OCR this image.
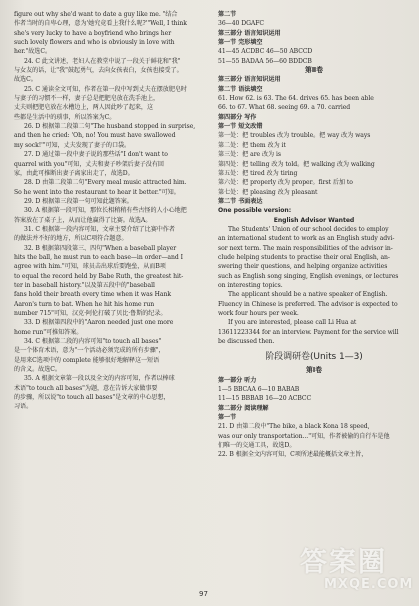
figure out why she'd want to date a guy like me. "结合
作者当时的自卑心理，意为'她究竟看上我什么呢?'"Well, I think
she's very lucky to have a boyfriend who brings her
such lovely flowers and who is obviously in love with
her."故选C。
24. C 此文讲述，老妇人在教堂中说了一段关于鲜花和"我"
与女友的话，让"我"鼓起勇气，去向女孩表白，女孩也接受了。
故选C。
25. C 通读全文可知，作者在第一段中写到丈夫在摆放肥皂时
与妻子的习惯不一样，妻子总是把肥皂放在洗手池上，
丈夫则把肥皂放在水槽边上，两人因此吵了起来，这
些都是生活中的琐事，所以答案为C。
26. D 根据第二段第二句"The husband stopped in surprise,
and then he cried: 'Oh, no! You must have swallowed
my sock!'"可知，丈夫发现了妻子的口袋。
27. D 通过第一段中妻子说的那些话"I don't want to
quarrel with you"可知，丈夫和妻子吵架后妻子没有回
家，由此可推断出妻子离家出走了，故选D。
28. D 由第二段第二句"Every meal music attracted him.
So he went into the restaurant to hear it better."可知。
29. D 根据第三段第一句可知此题答案。
30. A 根据第一段可知，那位长相稍稍有些古怪的人小心地把
答案放在了桌子上，从而让他赢得了比赛。故选A。
31. C 根据第一段内容可知，文章主要介绍了比赛中作者
的做法并不好的地方，所以C项符合题意。
32. B 根据第四段第三、四句"When a baseball player
hits the ball, he must run to each base—in order—and I
agree with him."可知，球员击出球后要跑垒，从而B项
to equal the record held by Babe Ruth, the greatest hit-
ter in baseball history."以及第五段中的"baseball
fans hold their breath every time when it was Hank
Aaron's turn to bat. When he hit his home run
number 715"可知，汉克·阿伦打破了贝比·鲁斯的纪录。
33. D 根据第四段中的"Aaron needed just one more
home run"可推知答案。
34. C 根据第二段的内容可知"to touch all bases"
是一个体育术语，意为"一个活动必须完成的所有步骤"，
是用来C选项中的 complete 能够很好地解释这一短语
的含义。故选C。
35. A 根据文章第一段以及全文的内容可知，作者以棒球
术语"to touch all bases"为题，意在告诉大家做事要
的步骤，所以说"to touch all bases"是文章的中心思想，
习语。
第二节
36—40 DGAFC
第三部分 语言知识运用
第一节 完形填空
41—45 ACDBC 46—50 ABCCD
51—55 BADAA 56—60 BDDCB
第Ⅱ卷
第三部分 语言知识运用
第二节 语法填空
61. How 62. is 63. The 64. drives 65. has been able
66. to 67. What 68. seeing 69. a 70. carried
第四部分 写作
第一节 短文改错
第一处：把 troubles 改为 trouble。把 way 改为 ways
第二处：把 them 改为 it
第三处：把 are 改为 is
第四处：把 telling 改为 told。把 walking 改为 walking
第五处：把 tired 改为 tiring
第六处：把 properly 改为 proper。first 后加 to
第七处：把 pleasing 改为 pleasant
第二节 书面表达
One possible version:
English Advisor Wanted
The Students' Union of our school decides to employ
an international student to work as an English study advi-
sor next term. The main responsibilities of the advisor in-
clude helping students to practise their oral English, an-
swering their questions, and helping organize activities
such as English song singing, English evenings, or lectures
on interesting topics.
The applicant should be a native speaker of English.
Fluency in Chinese is preferred. The advisor is expected to
work four hours per week.
If you are interested, please call Li Hua at
13611223344 for an interview. Payment for the service will
be discussed then.
阶段调研卷(Units 1—3)
第Ⅰ卷
第一部分 听力
1—5 BBCAA 6—10 BABAB
11—15 BBBAB 16—20 ACBCC
第二部分 阅读理解
第一节
21. D 由第二段中"The bike, a black Kona 18 speed,
was our only transportation..."可知，作者被偷的自行车是他
们唯一的交通工具，故选D。
22. B 根据全文内容可知，C项所述最能概括文章主旨，
97
答案圈
MXQE.COM
